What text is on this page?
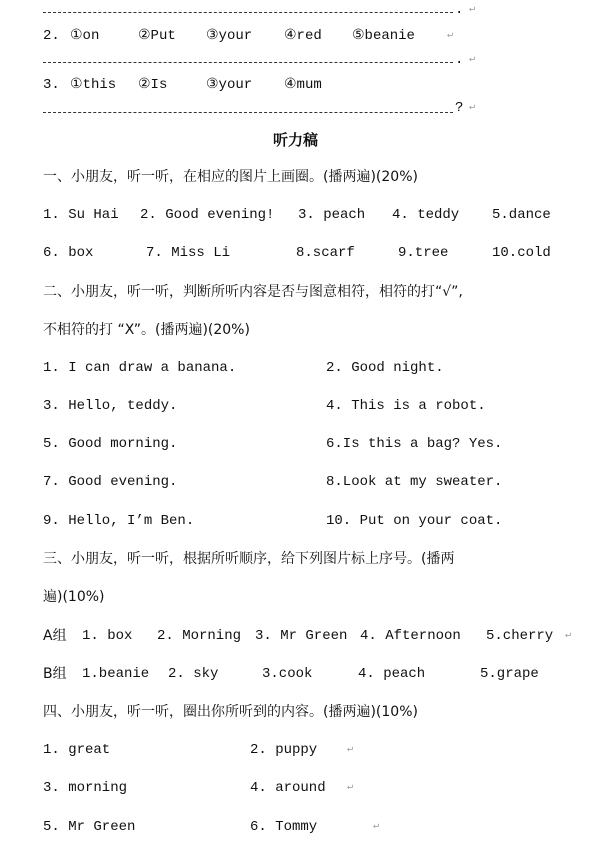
.
2. ①on	②Put ③your ④red ⑤beanie
.
3. ①this ②Is	③your ④mum
?
听力稿
一、小朋友，听一听，在相应的图片上画圈。(播两遍)(20%)
1. Su Hai 2. Good evening! 3. peach 4. teddy 5.dance
6. box	7. Miss Li	8.scarf	9.tree	10.cold
二、小朋友，听一听，判断所听内容是否与图意相符，相符的打“√”,
不相符的打 “X”。(播两遍)(20%)
1. I can draw a banana.	2. Good night.
3. Hello, teddy.	4. This is a robot.
5. Good morning.	6.Is this a bag? Yes.
7. Good evening.	8.Look at my sweater.
9. Hello, I’m Ben.	10. Put on your coat.
三、小朋友，听一听，根据所听顺序，给下列图片标上序号。(播两
遍)(10%)
A组 1. box 2. Morning 3. Mr Green 4. Afternoon 5.cherry
B组 1.beanie 2. sky	3.cook	4. peach	5.grape
四、小朋友，听一听，圈出你所听到的内容。(播两遍)(10%)
1. great	2. puppy
3. morning	4. around
5. Mr Green	6. Tommy
↵
↵
↵
↵
↵
↵
↵
↵
